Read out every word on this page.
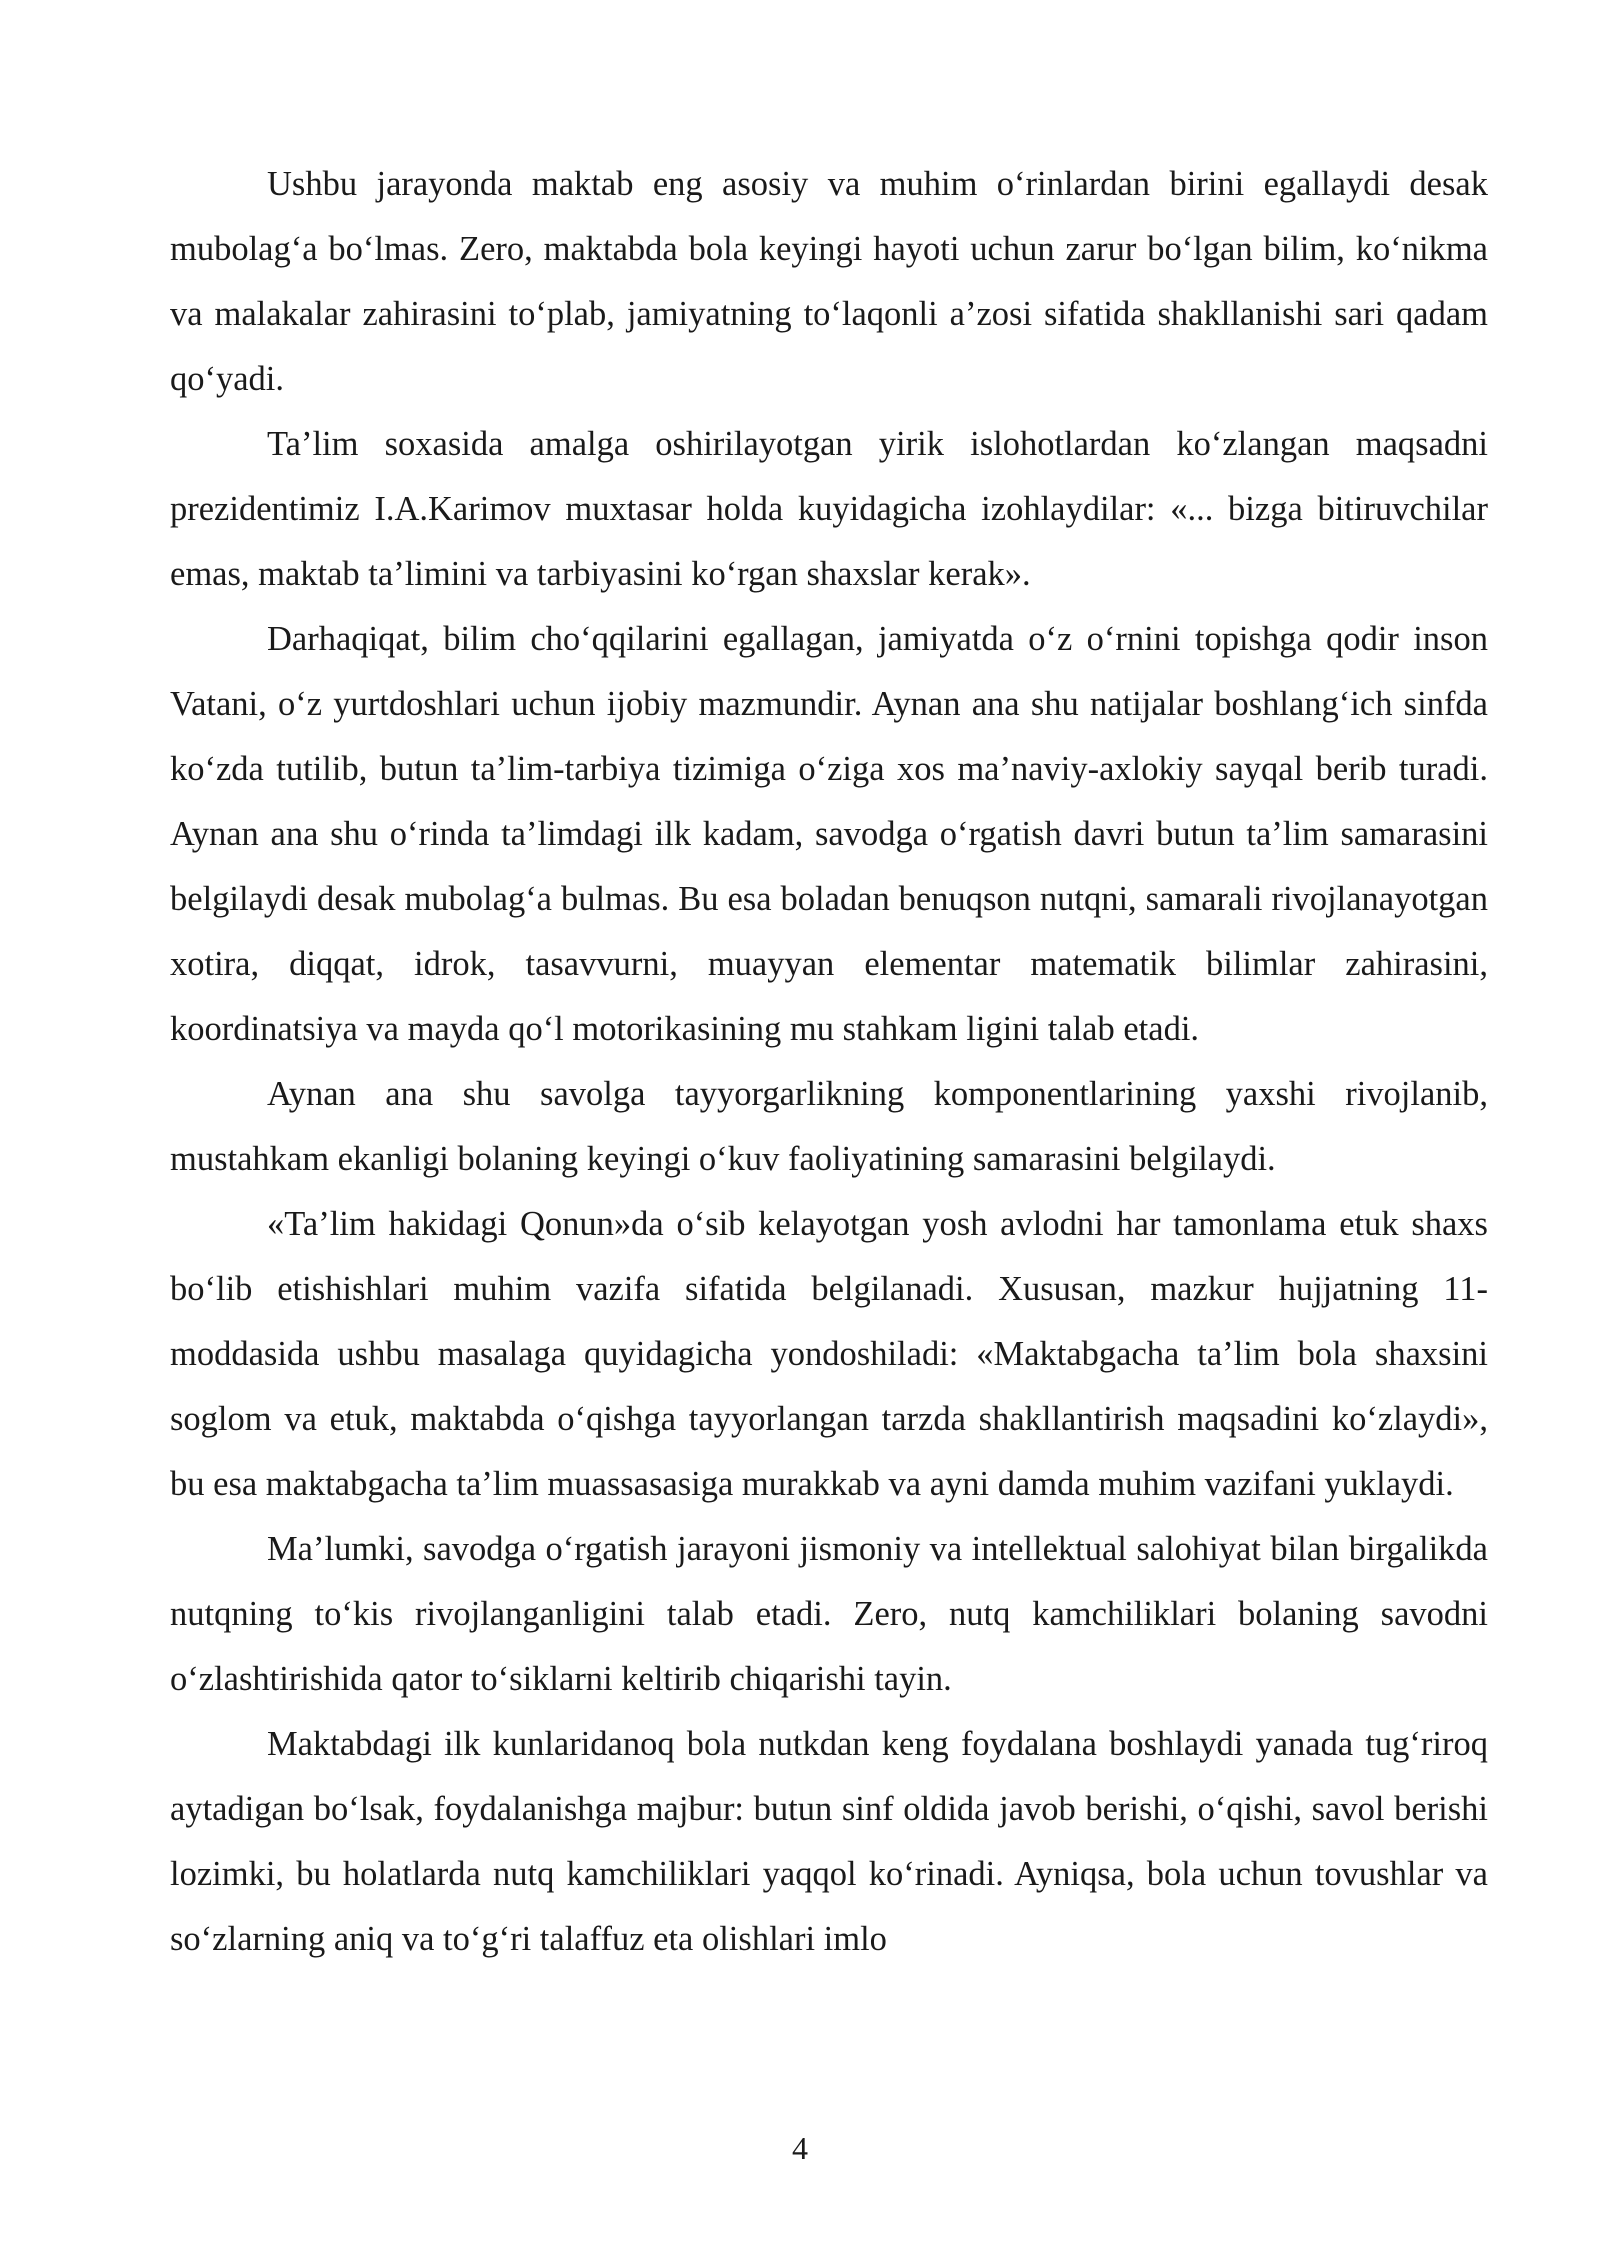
Ushbu jarayonda maktab eng asosiy va muhim o‘rinlardan birini egallaydi desak mubolag‘a bo‘lmas. Zero, maktabda bola keyingi hayoti uchun zarur bo‘lgan bilim, ko‘nikma va malakalar zahirasini to‘plab, jamiyatning to‘laqonli a’zosi sifatida shakllanishi sari qadam qo‘yadi.

Ta’lim soxasida amalga oshirilayotgan yirik islohotlardan ko‘zlangan maqsadni prezidentimiz I.A.Karimov muxtasar holda kuyidagicha izohlaydilar: «... bizga bitiruvchilar emas, maktab ta’limini va tarbiyasini ko‘rgan shaxslar kerak».

Darhaqiqat, bilim cho‘qqilarini egallagan, jamiyatda o‘z o‘rnini topishga qodir inson Vatani, o‘z yurtdoshlari uchun ijobiy mazmundir. Aynan ana shu natijalar boshlang‘ich sinfda ko‘zda tutilib, butun ta’lim-tarbiya tizimiga o‘ziga xos ma’naviy-axlokiy sayqal berib turadi. Aynan ana shu o‘rinda ta’limdagi ilk kadam, savodga o‘rgatish davri butun ta’lim samarasini belgilaydi desak mubolag‘a bulmas. Bu esa boladan benuqson nutqni, samarali rivojlanayotgan xotira, diqqat, idrok, tasavvurni, muayyan elementar matematik bilimlar zahirasini, koordinatsiya va mayda qo‘l motorikasining mu stahkam ligini talab etadi.

Aynan ana shu savolga tayyorgarlikning komponentlarining yaxshi rivojlanib, mustahkam ekanligi bolaning keyingi o‘kuv faoliyatining samarasini belgilaydi.

«Ta’lim hakidagi Qonun»da o‘sib kelayotgan yosh avlodni har tamonlama etuk shaxs bo‘lib etishishlari muhim vazifa sifatida belgilanadi. Xususan, mazkur hujjatning 11-moddasida ushbu masalaga quyidagicha yondoshiladi: «Maktabgacha ta’lim bola shaxsini soglom va etuk, maktabda o‘qishga tayyorlangan tarzda shakllantirish maqsadini ko‘zlaydi», bu esa maktabgacha ta’lim muassasasiga murakkab va ayni damda muhim vazifani yuklaydi.

Ma’lumki, savodga o‘rgatish jarayoni jismoniy va intellektual salohiyat bilan birgalikda nutqning to‘kis rivojlanganligini talab etadi. Zero, nutq kamchiliklari bolaning savodni o‘zlashtirishida qator to‘siklarni keltirib chiqarishi tayin.

Maktabdagi ilk kunlaridanoq bola nutkdan keng foydalana boshlaydi yanada tug‘riroq aytadigan bo‘lsak, foydalanishga majbur: butun sinf oldida javob berishi, o‘qishi, savol berishi lozimki, bu holatlarda nutq kamchiliklari yaqqol ko‘rinadi. Ayniqsa, bola uchun tovushlar va so‘zlarning aniq va to‘g‘ri talaffuz eta olishlari imlo

4
